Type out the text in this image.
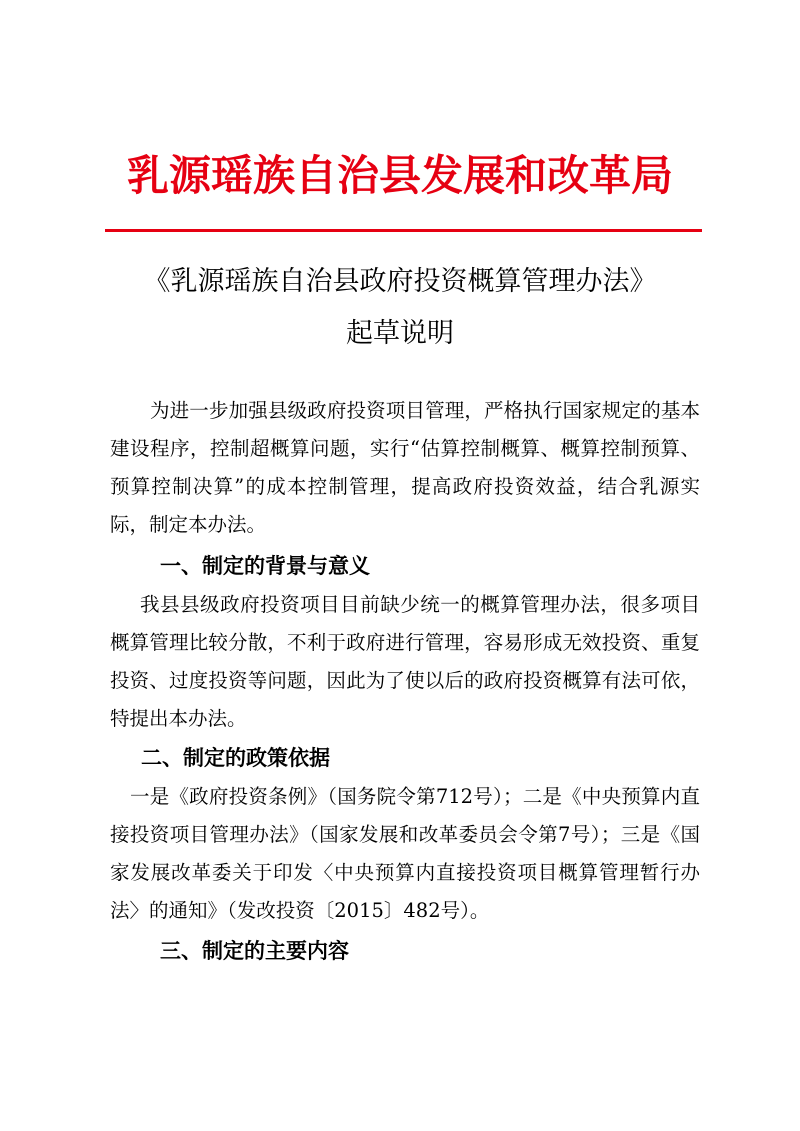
乳源瑶族自治县发展和改革局
《乳源瑶族自治县政府投资概算管理办法》
起草说明

为进一步加强县级政府投资项目管理，严格执行国家规定的基本建设程序，控制超概算问题，实行“估算控制概算、概算控制预算、预算控制决算”的成本控制管理，提高政府投资效益，结合乳源实际，制定本办法。

一、制定的背景与意义

我县县级政府投资项目目前缺少统一的概算管理办法，很多项目概算管理比较分散，不利于政府进行管理，容易形成无效投资、重复投资、过度投资等问题，因此为了使以后的政府投资概算有法可依，特提出本办法。

二、制定的政策依据

一是《政府投资条例》（国务院令第712号）；二是《中央预算内直接投资项目管理办法》（国家发展和改革委员会令第7号）；三是《国家发展改革委关于印发〈中央预算内直接投资项目概算管理暂行办法〉的通知》（发改投资〔2015〕482号）。

三、制定的主要内容
